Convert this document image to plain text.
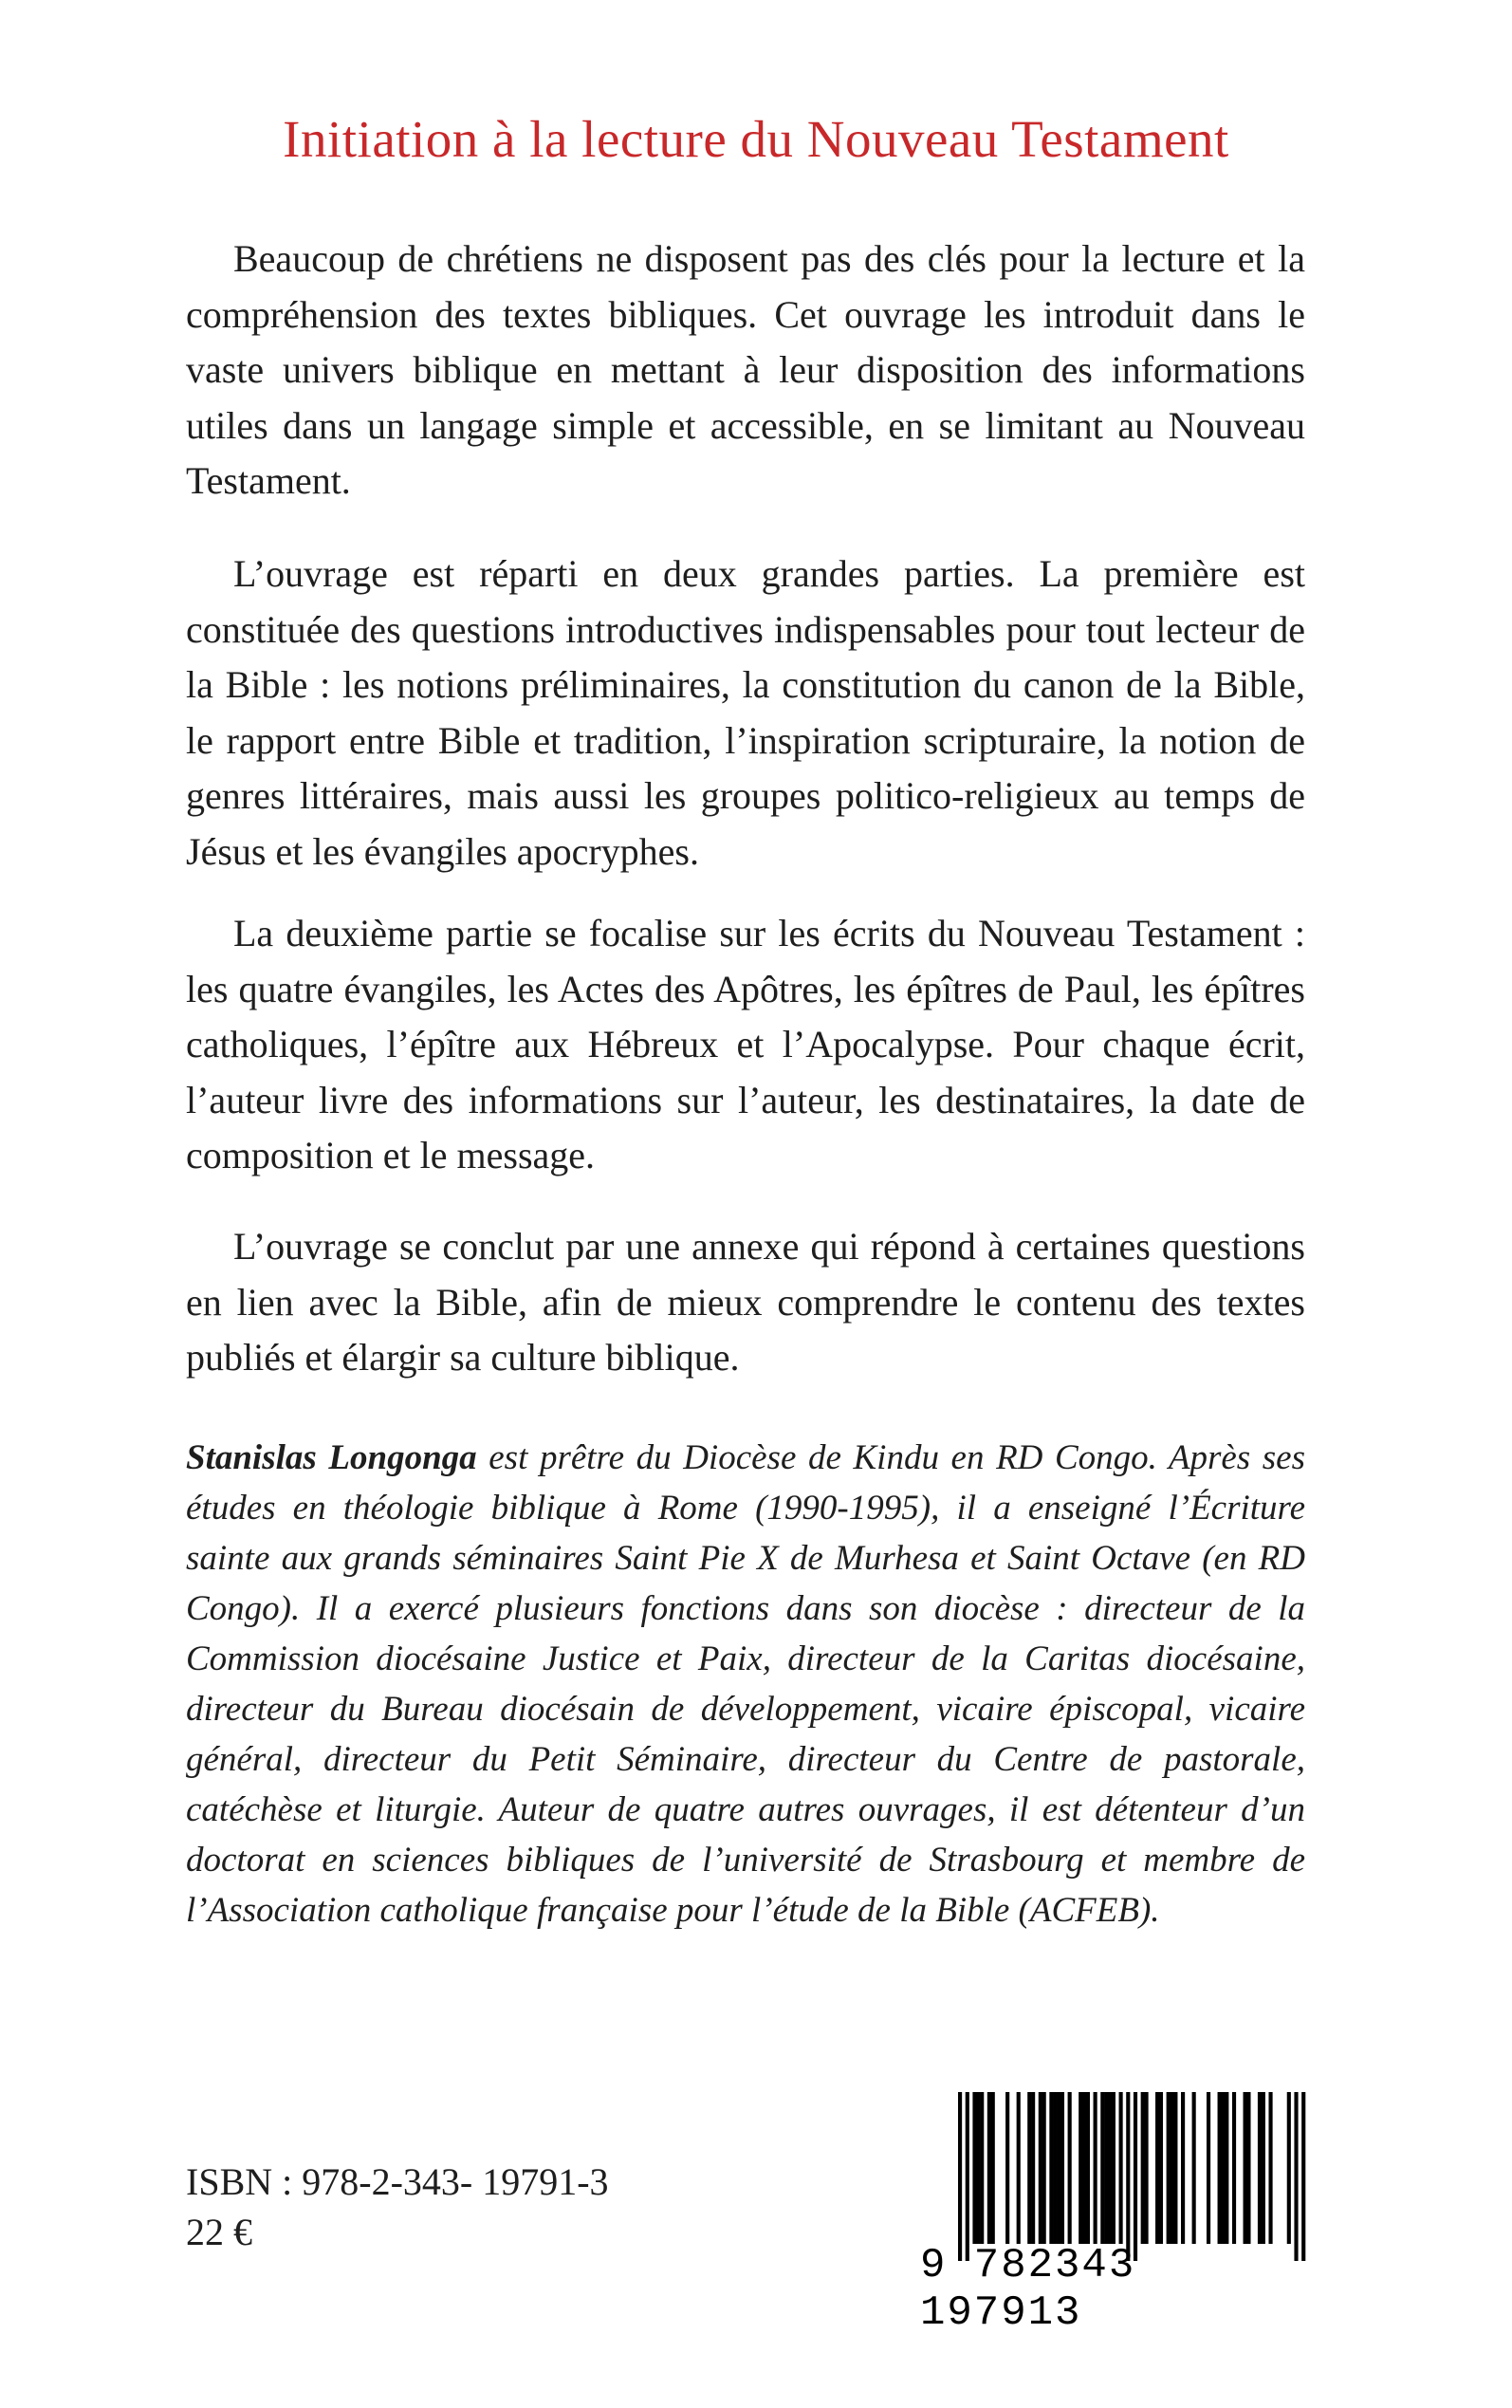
Initiation à la lecture du Nouveau Testament

Beaucoup de chrétiens ne disposent pas des clés pour la lecture et la compréhension des textes bibliques. Cet ouvrage les introduit dans le vaste univers biblique en mettant à leur disposition des informations utiles dans un langage simple et accessible, en se limitant au Nouveau Testament.

L’ouvrage est réparti en deux grandes parties. La première est constituée des questions introductives indispensables pour tout lecteur de la Bible : les notions préliminaires, la constitution du canon de la Bible, le rapport entre Bible et tradition, l’inspiration scripturaire, la notion de genres littéraires, mais aussi les groupes politico-religieux au temps de Jésus et les évangiles apocryphes.

La deuxième partie se focalise sur les écrits du Nouveau Testament : les quatre évangiles, les Actes des Apôtres, les épîtres de Paul, les épîtres catholiques, l’épître aux Hébreux et l’Apocalypse. Pour chaque écrit, l’auteur livre des informations sur l’auteur, les destinataires, la date de composition et le message.

L’ouvrage se conclut par une annexe qui répond à certaines questions en lien avec la Bible, afin de mieux comprendre le contenu des textes publiés et élargir sa culture biblique.

Stanislas Longonga est prêtre du Diocèse de Kindu en RD Congo. Après ses études en théologie biblique à Rome (1990-1995), il a enseigné l’Écriture sainte aux grands séminaires Saint Pie X de Murhesa et Saint Octave (en RD Congo). Il a exercé plusieurs fonctions dans son diocèse : directeur de la Commission diocésaine Justice et Paix, directeur de la Caritas diocésaine, directeur du Bureau diocésain de développement, vicaire épiscopal, vicaire général, directeur du Petit Séminaire, directeur du Centre de pastorale, catéchèse et liturgie. Auteur de quatre autres ouvrages, il est détenteur d’un doctorat en sciences bibliques de l’université de Strasbourg et membre de l’Association catholique française pour l’étude de la Bible (ACFEB).

ISBN : 978-2-343- 19791-3
22 €
9 782343 197913
